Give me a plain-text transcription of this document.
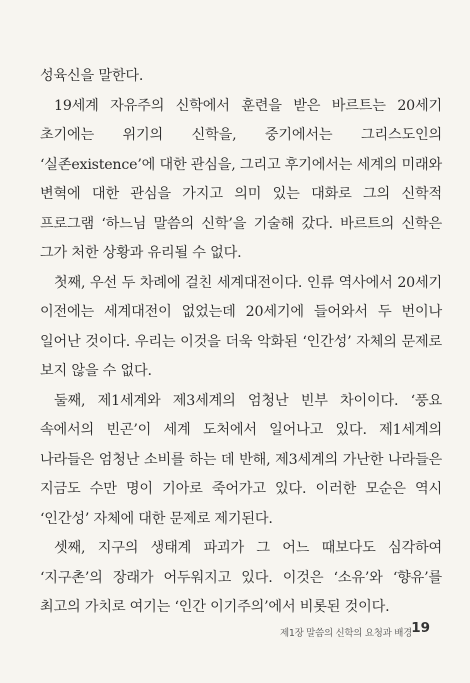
성육신을 말한다.

19세계 자유주의 신학에서 훈련을 받은 바르트는 20세기 초기에는 위기의 신학을, 중기에서는 그리스도인의 ‘실존existence’에 대한 관심을, 그리고 후기에서는 세계의 미래와 변혁에 대한 관심을 가지고 의미 있는 대화로 그의 신학적 프로그램 ‘하느님 말씀의 신학’을 기술해 갔다. 바르트의 신학은 그가 처한 상황과 유리될 수 없다.

첫째, 우선 두 차례에 걸친 세계대전이다. 인류 역사에서 20세기 이전에는 세계대전이 없었는데 20세기에 들어와서 두 번이나 일어난 것이다. 우리는 이것을 더욱 악화된 ‘인간성’ 자체의 문제로 보지 않을 수 없다.

둘째, 제1세계와 제3세계의 엄청난 빈부 차이이다. ‘풍요 속에서의 빈곤’이 세계 도처에서 일어나고 있다. 제1세계의 나라들은 엄청난 소비를 하는 데 반해, 제3세계의 가난한 나라들은 지금도 수만 명이 기아로 죽어가고 있다. 이러한 모순은 역시 ‘인간성’ 자체에 대한 문제로 제기된다.

셋째, 지구의 생태계 파괴가 그 어느 때보다도 심각하여 ‘지구촌’의 장래가 어두워지고 있다. 이것은 ‘소유’와 ‘향유’를 최고의 가치로 여기는 ‘인간 이기주의’에서 비롯된 것이다.

제1장 말씀의 신학의 요청과 배경 19
